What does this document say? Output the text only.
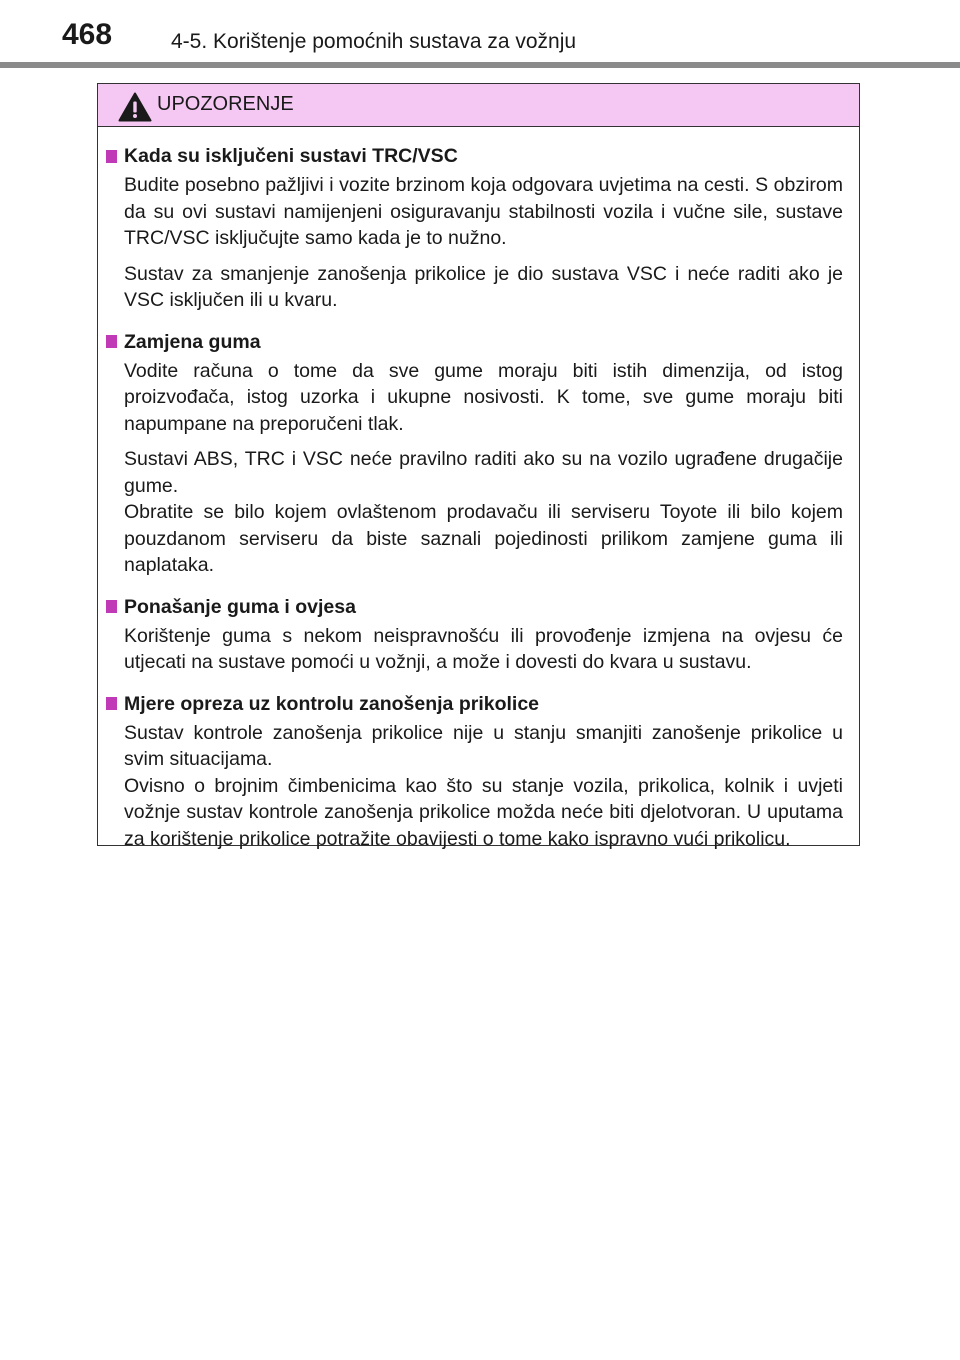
468	4-5. Korištenje pomoćnih sustava za vožnju
UPOZORENJE
Kada su isključeni sustavi TRC/VSC

Budite posebno pažljivi i vozite brzinom koja odgovara uvjetima na cesti. S obzirom da su ovi sustavi namijenjeni osiguravanju stabilnosti vozila i vučne sile, sustave TRC/VSC isključujte samo kada je to nužno.

Sustav za smanjenje zanošenja prikolice je dio sustava VSC i neće raditi ako je VSC isključen ili u kvaru.

Zamjena guma

Vodite računa o tome da sve gume moraju biti istih dimenzija, od istog proizvođača, istog uzorka i ukupne nosivosti. K tome, sve gume moraju biti napumpane na preporučeni tlak.

Sustavi ABS, TRC i VSC neće pravilno raditi ako su na vozilo ugrađene drugačije gume.

Obratite se bilo kojem ovlaštenom prodavaču ili serviseru Toyote ili bilo kojem pouzdanom serviseru da biste saznali pojedinosti prilikom zamjene guma ili naplataka.

Ponašanje guma i ovjesa

Korištenje guma s nekom neispravnošću ili provođenje izmjena na ovjesu će utjecati na sustave pomoći u vožnji, a može i dovesti do kvara u sustavu.

Mjere opreza uz kontrolu zanošenja prikolice

Sustav kontrole zanošenja prikolice nije u stanju smanjiti zanošenje prikolice u svim situacijama.

Ovisno o brojnim čimbenicima kao što su stanje vozila, prikolica, kolnik i uvjeti vožnje sustav kontrole zanošenja prikolice možda neće biti djelotvoran. U uputama za korištenje prikolice potražite obavijesti o tome kako ispravno vući prikolicu.
